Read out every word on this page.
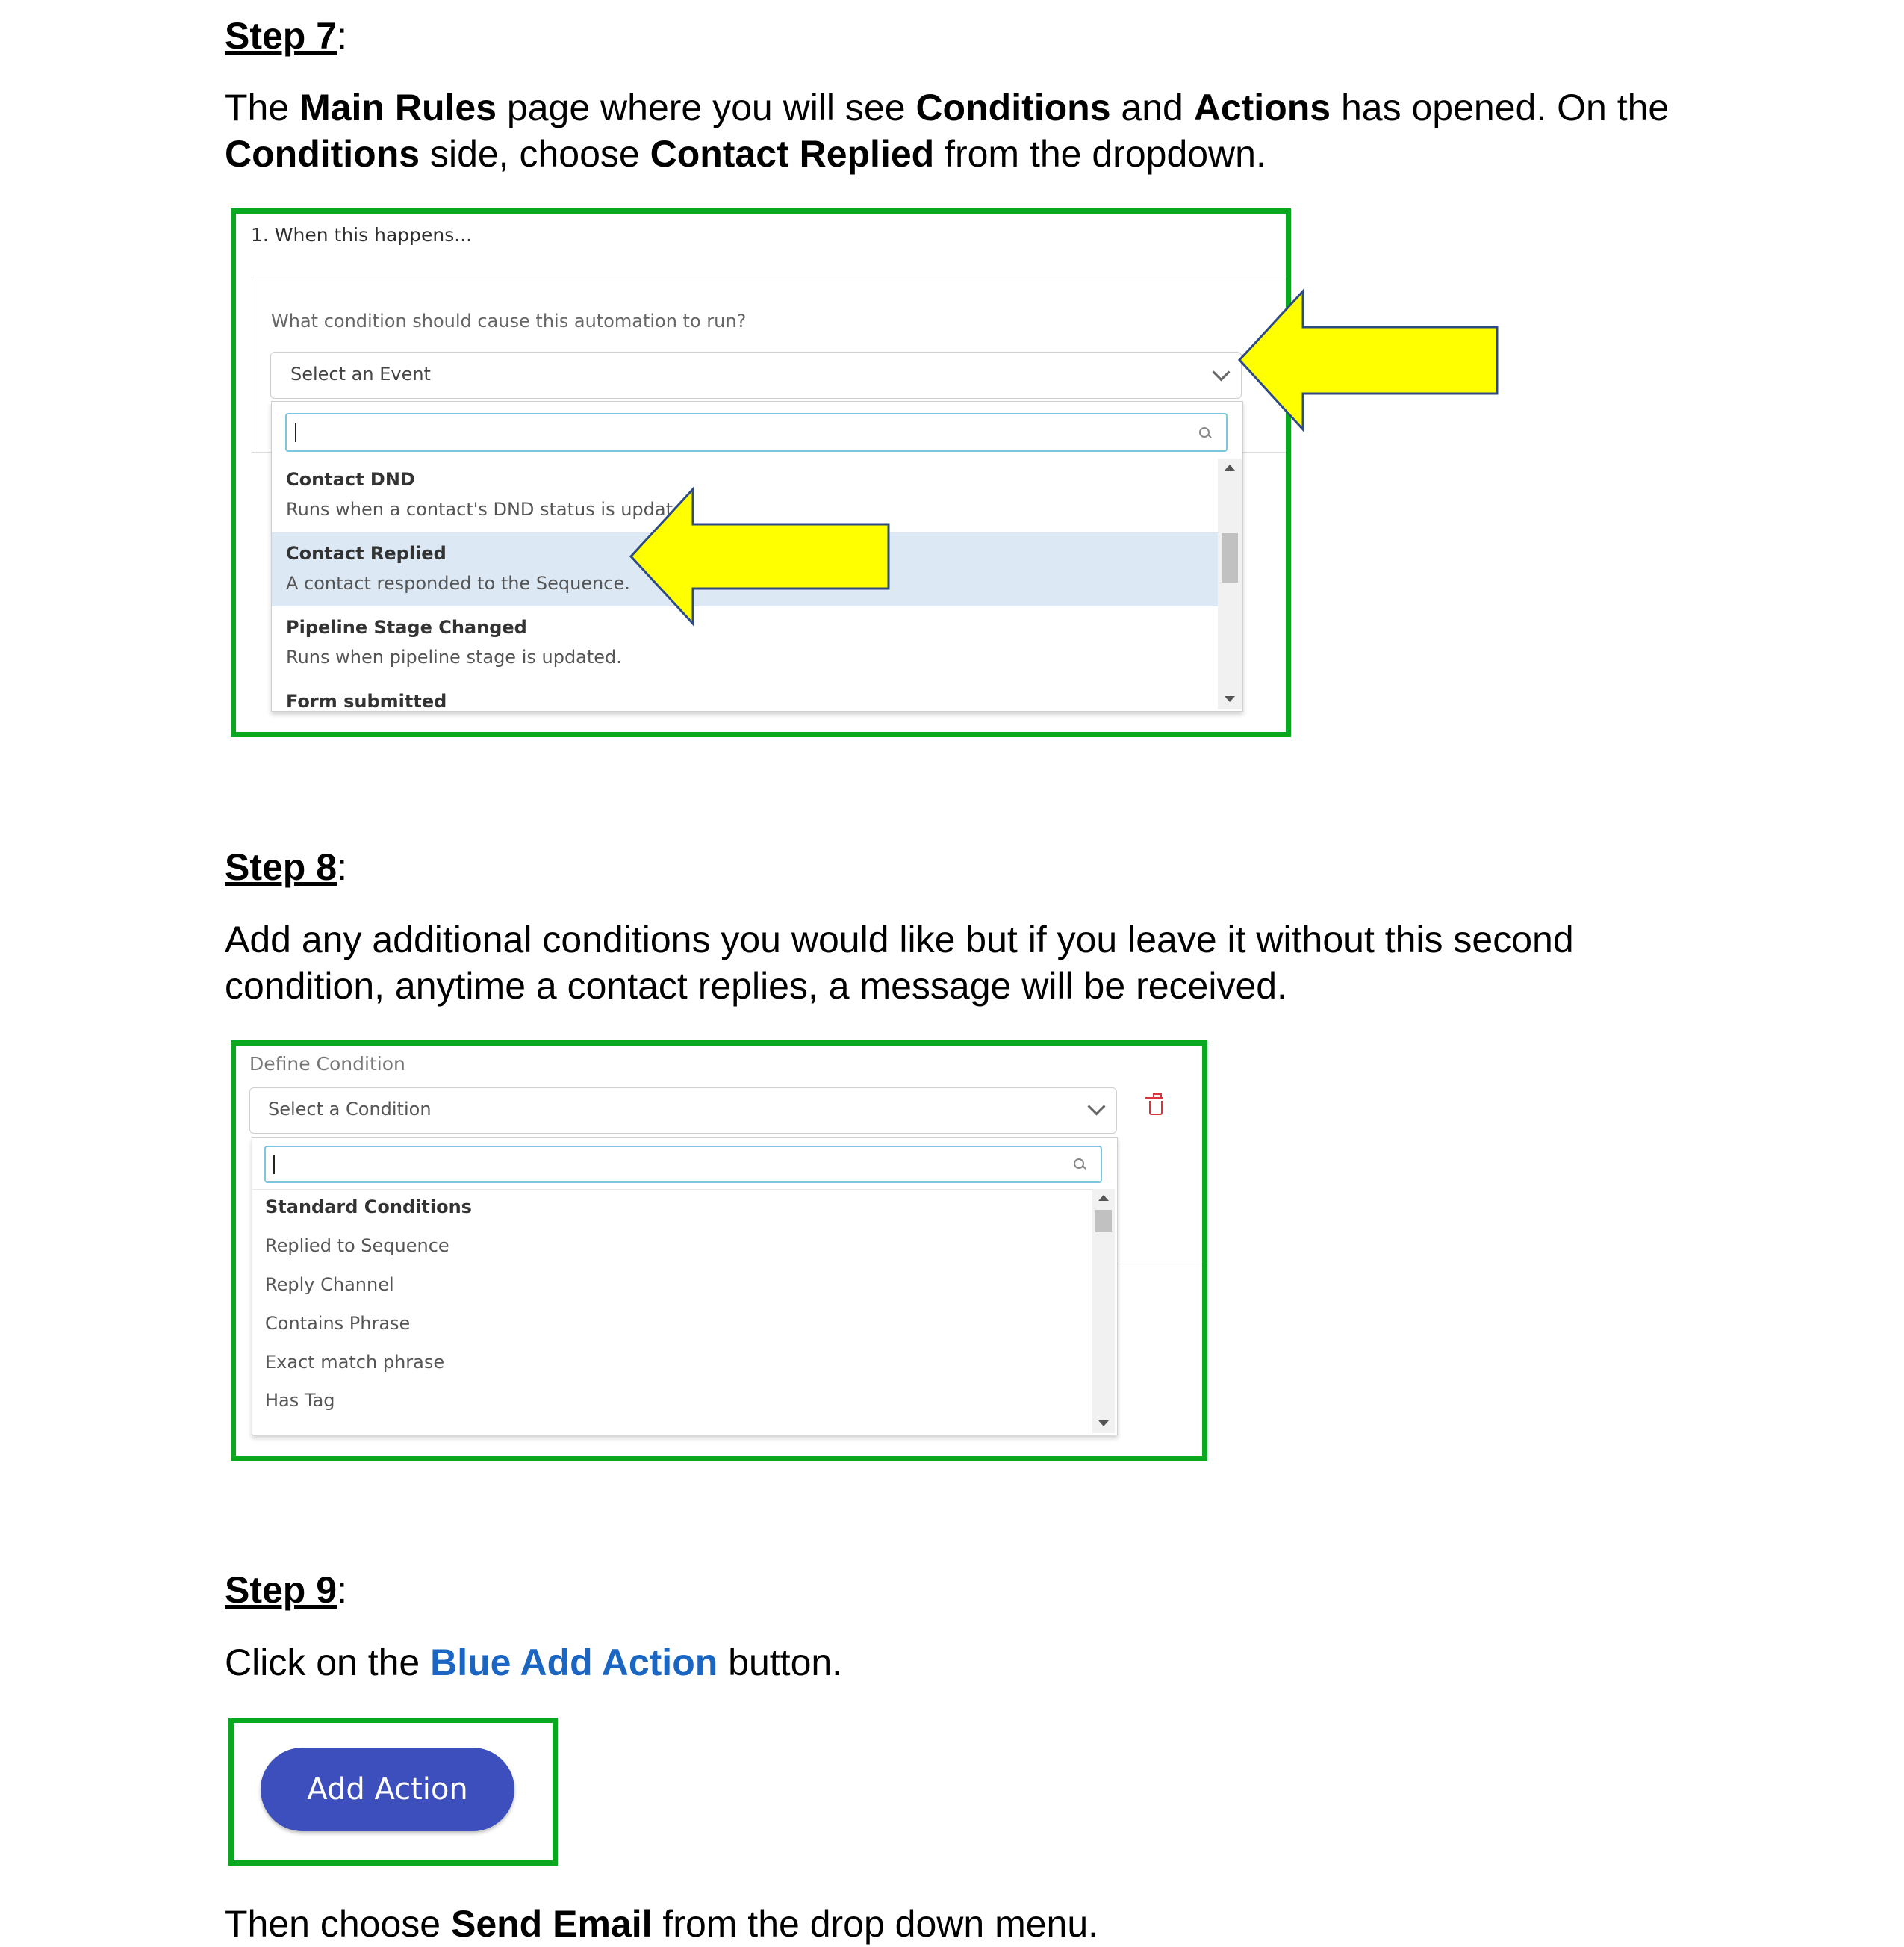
Step 7:
The Main Rules page where you will see Conditions and Actions has opened. On the
Conditions side, choose Contact Replied from the dropdown.
1. When this happens...
What condition should cause this automation to run?
Select an Event
Contact DND
Runs when a contact's DND status is updated
Contact Replied
A contact responded to the Sequence.
Pipeline Stage Changed
Runs when pipeline stage is updated.
Form submitted
Step 8:
Add any additional conditions you would like but if you leave it without this second
condition, anytime a contact replies, a message will be received.
Define Condition
Select a Condition
Standard Conditions
Replied to Sequence
Reply Channel
Contains Phrase
Exact match phrase
Has Tag
Step 9:
Click on the Blue Add Action button.
Add Action
Then choose Send Email from the drop down menu.
